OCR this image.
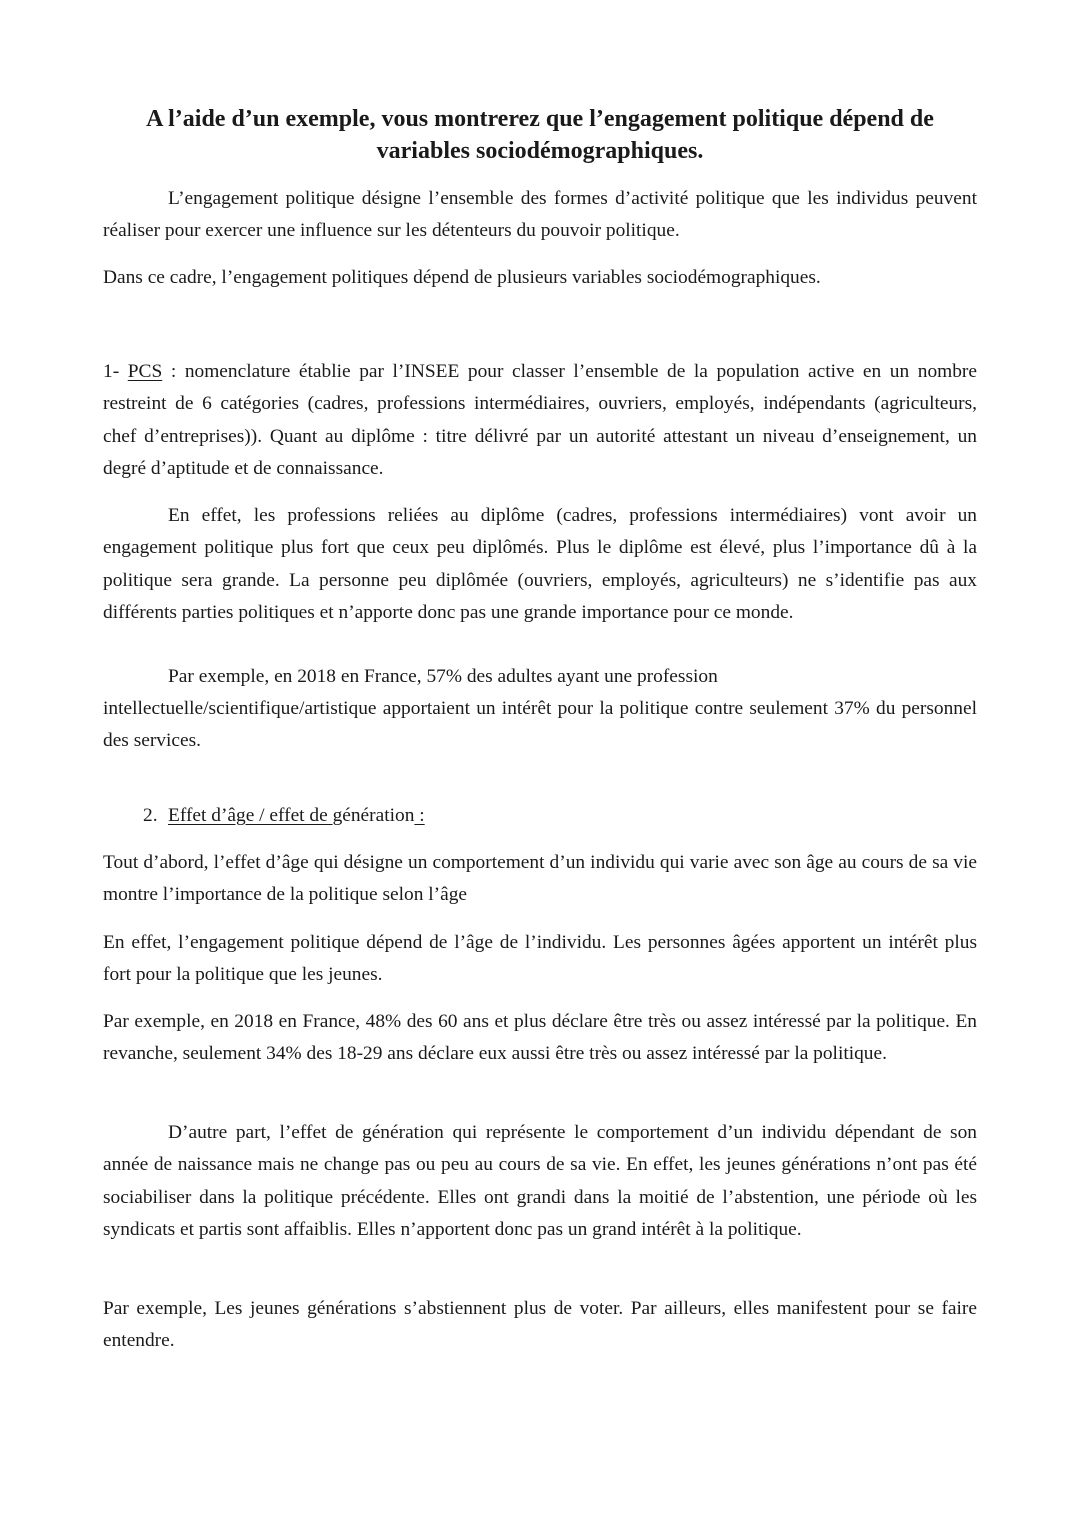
A l’aide d’un exemple, vous montrerez que l’engagement politique dépend de variables sociodémographiques.

L’engagement politique désigne l’ensemble des formes d’activité politique que les individus peuvent réaliser pour exercer une influence sur les détenteurs du pouvoir politique.

Dans ce cadre, l’engagement politiques dépend de plusieurs variables sociodémographiques.

1- PCS : nomenclature établie par l’INSEE pour classer l’ensemble de la population active en un nombre restreint de 6 catégories (cadres, professions intermédiaires, ouvriers, employés, indépendants (agriculteurs, chef d’entreprises)). Quant au diplôme : titre délivré par un autorité attestant un niveau d’enseignement, un degré d’aptitude et de connaissance.

En effet, les professions reliées au diplôme (cadres, professions intermédiaires) vont avoir un engagement politique plus fort que ceux peu diplômés. Plus le diplôme est élevé, plus l’importance dû à la politique sera grande. La personne peu diplômée (ouvriers, employés, agriculteurs) ne s’identifie pas aux différents parties politiques et n’apporte donc pas une grande importance pour ce monde.

Par exemple, en 2018 en France, 57% des adultes ayant une profession

intellectuelle/scientifique/artistique apportaient un intérêt pour la politique contre seulement 37% du personnel des services.

2. Effet d’âge / effet de génération :

Tout d’abord, l’effet d’âge qui désigne un comportement d’un individu qui varie avec son âge au cours de sa vie montre l’importance de la politique selon l’âge

En effet, l’engagement politique dépend de l’âge de l’individu. Les personnes âgées apportent un intérêt plus fort pour la politique que les jeunes.

Par exemple, en 2018 en France, 48% des 60 ans et plus déclare être très ou assez intéressé par la politique. En revanche, seulement 34% des 18-29 ans déclare eux aussi être très ou assez intéressé par la politique.

D’autre part, l’effet de génération qui représente le comportement d’un individu dépendant de son année de naissance mais ne change pas ou peu au cours de sa vie. En effet, les jeunes générations n’ont pas été sociabiliser dans la politique précédente. Elles ont grandi dans la moitié de l’abstention, une période où les syndicats et partis sont affaiblis. Elles n’apportent donc pas un grand intérêt à la politique.

Par exemple, Les jeunes générations s’abstiennent plus de voter. Par ailleurs, elles manifestent pour se faire entendre.
